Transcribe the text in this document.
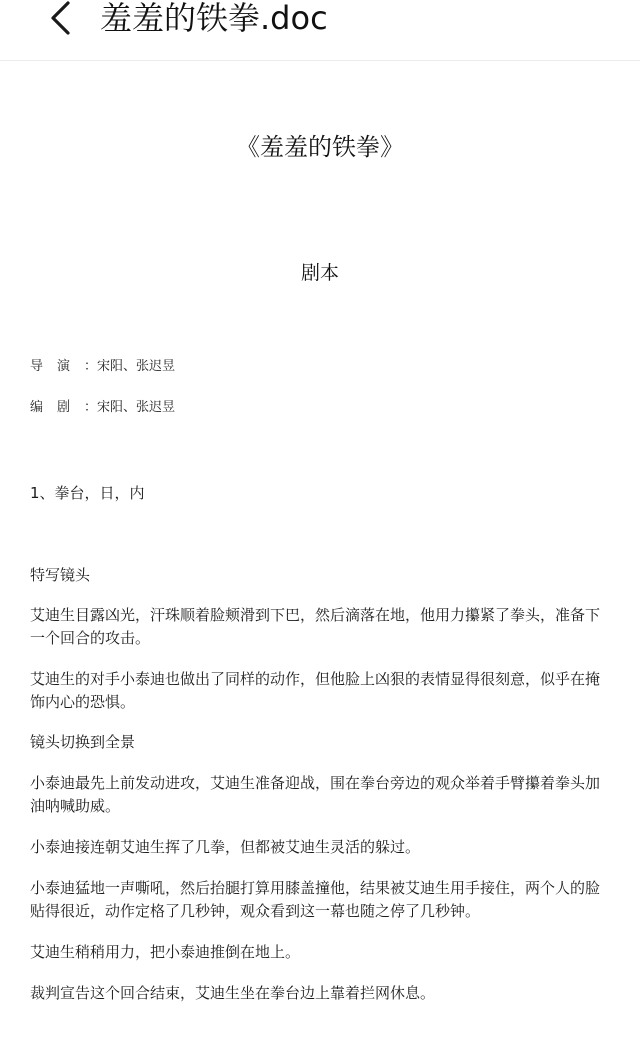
羞羞的铁拳.doc
《羞羞的铁拳》
剧本
导演：宋阳、张迟昱
编剧：宋阳、张迟昱
1、拳台，日，内
特写镜头
艾迪生目露凶光，汗珠顺着脸颊滑到下巴，然后滴落在地，他用力攥紧了拳头，准备下一个回合的攻击。
艾迪生的对手小泰迪也做出了同样的动作，但他脸上凶狠的表情显得很刻意，似乎在掩饰内心的恐惧。
镜头切换到全景
小泰迪最先上前发动进攻，艾迪生准备迎战，围在拳台旁边的观众举着手臂攥着拳头加油呐喊助威。
小泰迪接连朝艾迪生挥了几拳，但都被艾迪生灵活的躲过。
小泰迪猛地一声嘶吼，然后抬腿打算用膝盖撞他，结果被艾迪生用手接住，两个人的脸贴得很近，动作定格了几秒钟，观众看到这一幕也随之停了几秒钟。
艾迪生稍稍用力，把小泰迪推倒在地上。
裁判宣告这个回合结束，艾迪生坐在拳台边上靠着拦网休息。
